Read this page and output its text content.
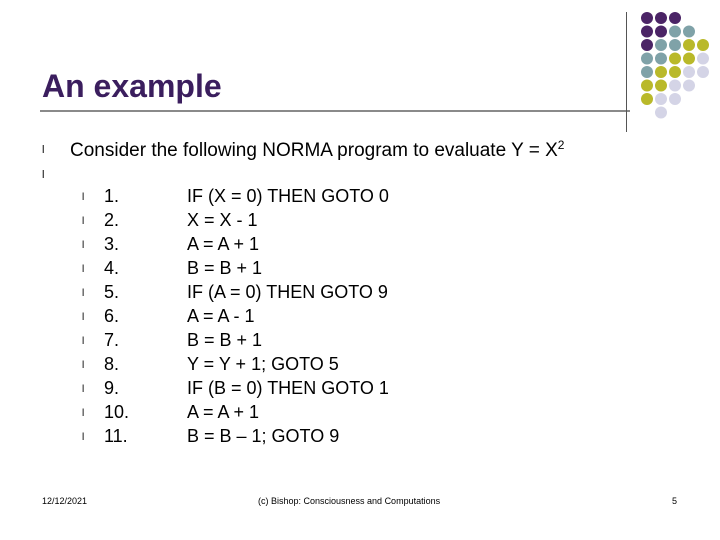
An example
l Consider the following NORMA program to evaluate $Y = X^2$
l
l 1.	IF (X = 0) THEN GOTO 0
l 2.	X = X - 1
l 3.	A = A + 1
l 4.	B = B + 1
l 5.	IF (A = 0) THEN GOTO 9
l 6.	A = A - 1
l 7.	B = B + 1
l 8.	Y = Y + 1; GOTO 5
l 9.	IF (B = 0) THEN GOTO 1
l 10.	A = A + 1
l 11.	B = B – 1; GOTO 9
12/12/2021	(c) Bishop: Consciousness and Computations	5
